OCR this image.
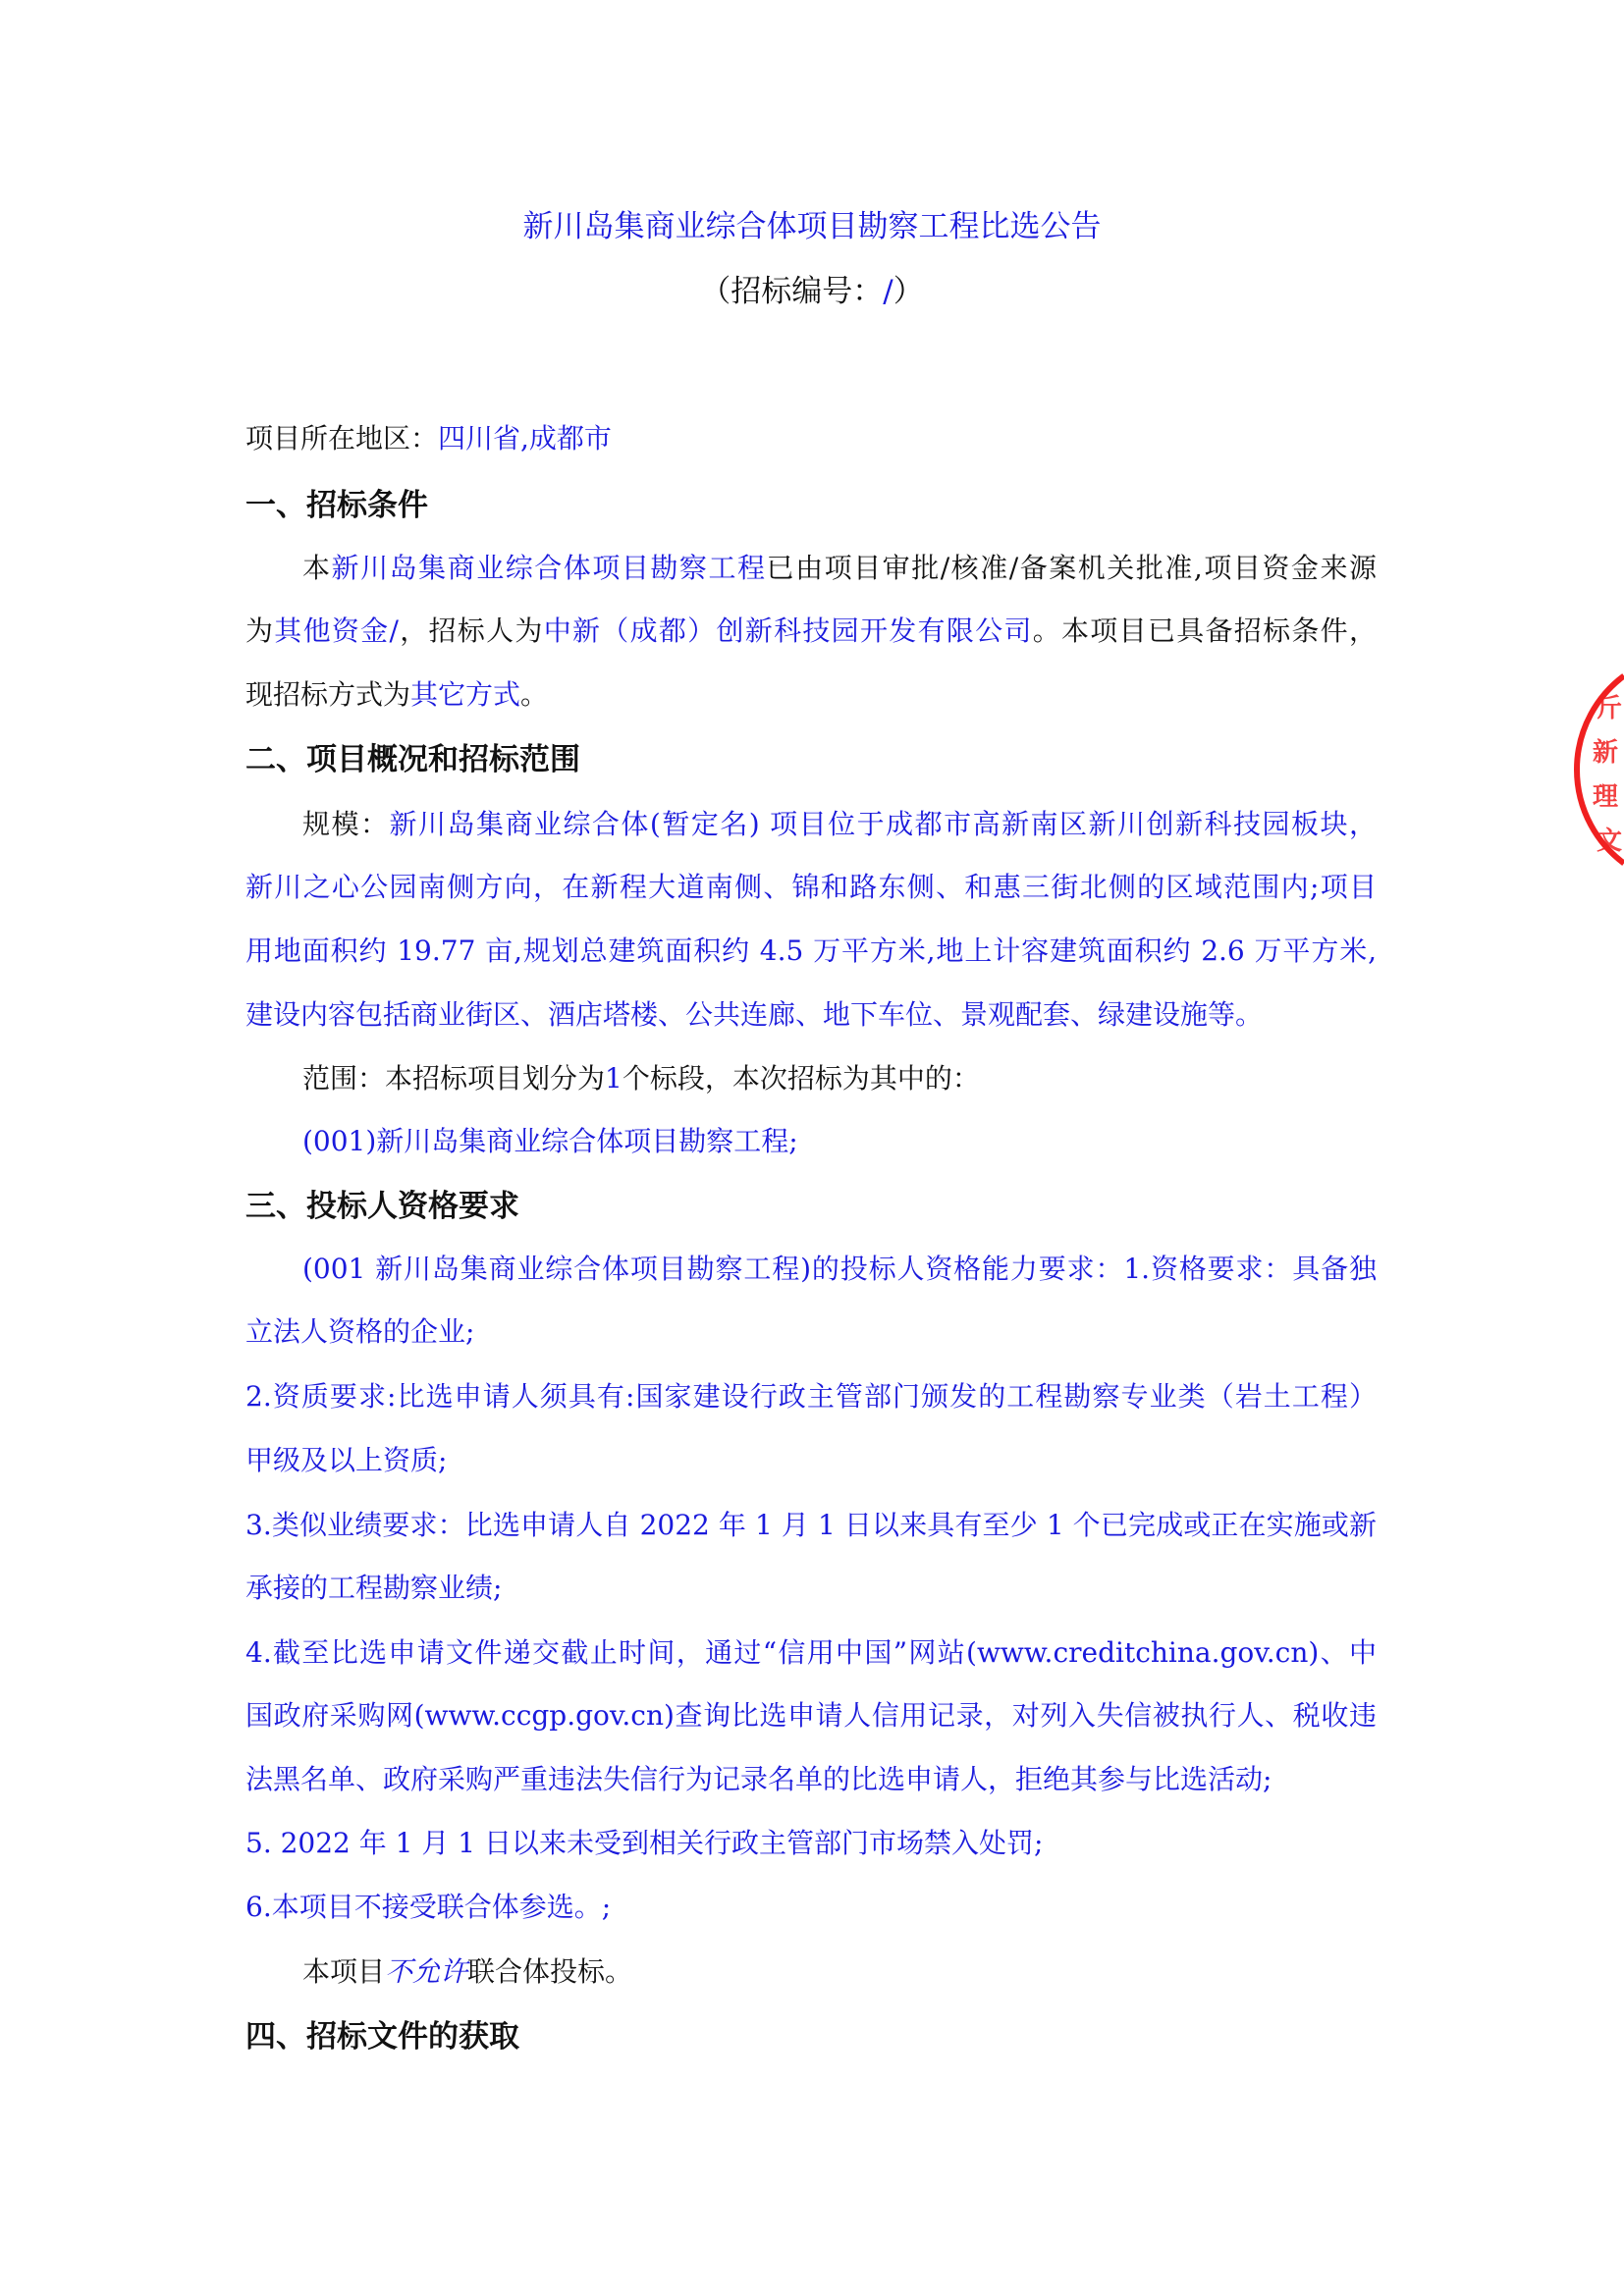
新川岛集商业综合体项目勘察工程比选公告
（招标编号：/）
项目所在地区：四川省,成都市
一、招标条件
本新川岛集商业综合体项目勘察工程已由项目审批/核准/备案机关批准,项目资金来源
为其他资金/，招标人为中新（成都）创新科技园开发有限公司。本项目已具备招标条件，
现招标方式为其它方式。
二、项目概况和招标范围
规模：新川岛集商业综合体(暂定名) 项目位于成都市高新南区新川创新科技园板块，
新川之心公园南侧方向，在新程大道南侧、锦和路东侧、和惠三街北侧的区域范围内;项目
用地面积约 19.77 亩,规划总建筑面积约 4.5 万平方米,地上计容建筑面积约 2.6 万平方米,
建设内容包括商业街区、酒店塔楼、公共连廊、地下车位、景观配套、绿建设施等。
范围：本招标项目划分为1个标段，本次招标为其中的：
(001)新川岛集商业综合体项目勘察工程;
三、投标人资格要求
(001 新川岛集商业综合体项目勘察工程)的投标人资格能力要求：1.资格要求：具备独
立法人资格的企业;
2.资质要求:比选申请人须具有:国家建设行政主管部门颁发的工程勘察专业类（岩土工程）
甲级及以上资质;
3.类似业绩要求：比选申请人自 2022 年 1 月 1 日以来具有至少 1 个已完成或正在实施或新
承接的工程勘察业绩;
4.截至比选申请文件递交截止时间，通过“信用中国”网站(www.creditchina.gov.cn)、中
国政府采购网(www.ccgp.gov.cn)查询比选申请人信用记录，对列入失信被执行人、税收违
法黑名单、政府采购严重违法失信行为记录名单的比选申请人，拒绝其参与比选活动;
5. 2022 年 1 月 1 日以来未受到相关行政主管部门市场禁入处罚;
6.本项目不接受联合体参选。;
本项目不允许联合体投标。
四、招标文件的获取
斤
新
理
文
